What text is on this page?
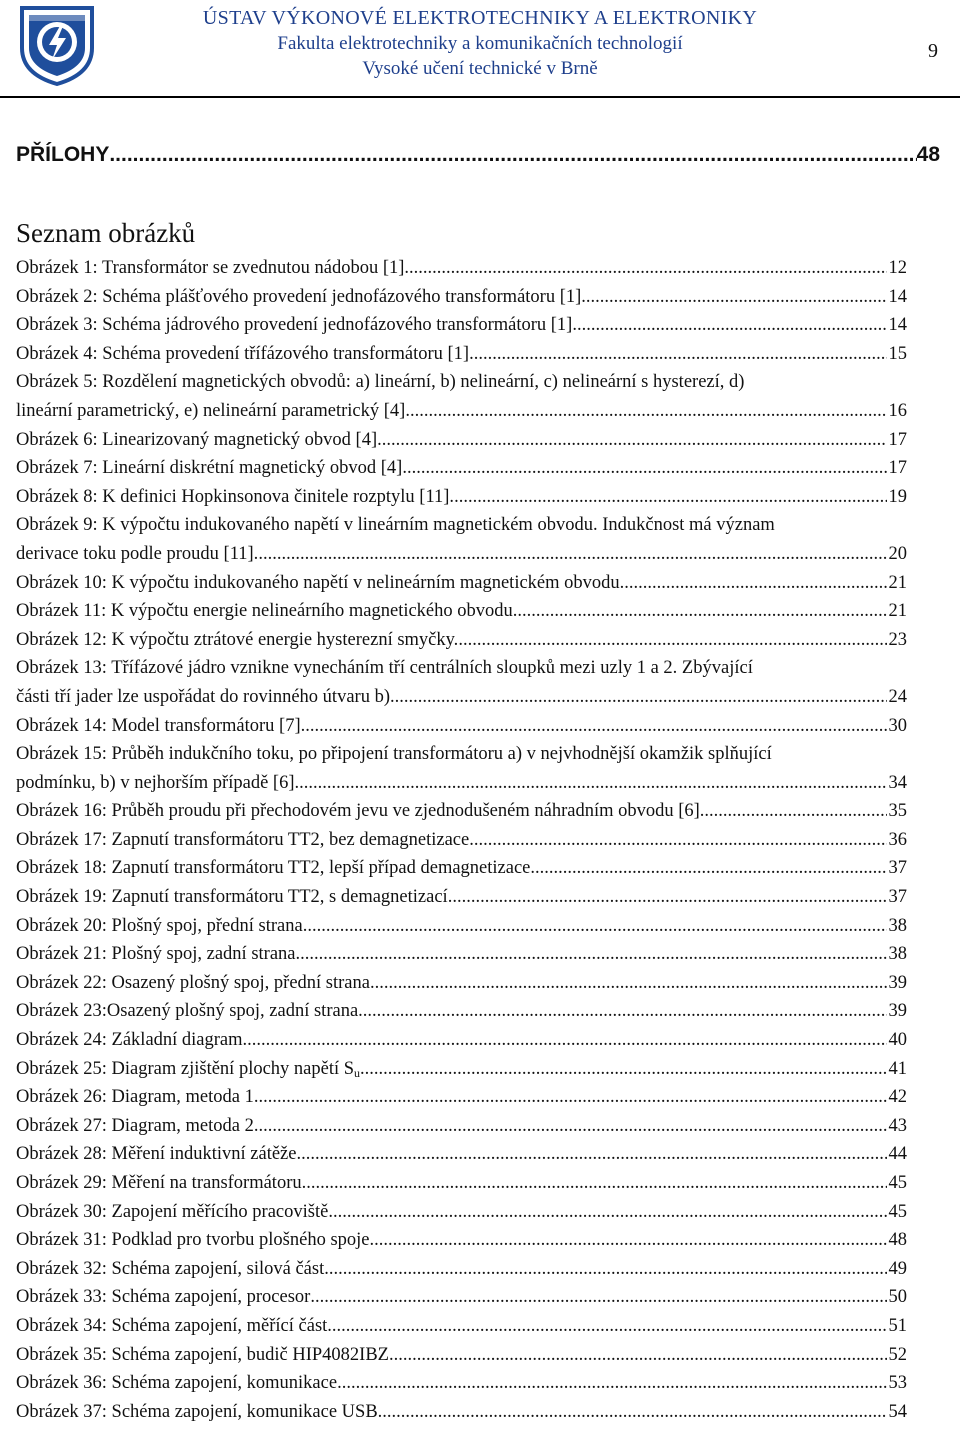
ÚSTAV VÝKONOVÉ ELEKTROTECHNIKY A ELEKTRONIKY
Fakulta elektrotechniky a komunikačních technologií
Vysoké učení technické v Brně
9
PŘÍLOHY .....	48
Seznam obrázků
Obrázek 1: Transformátor se zvednutou nádobou [1]. .....	12
Obrázek 2: Schéma plášťového provedení jednofázového transformátoru [1]. .....	14
Obrázek 3: Schéma jádrového provedení jednofázového transformátoru [1]. .....	14
Obrázek 4: Schéma provedení třífázového transformátoru [1]. .....	15
Obrázek 5: Rozdělení magnetických obvodů: a) lineární, b) nelineární, c) nelineární s hysterezí, d)
lineární parametrický, e) nelineární parametrický [4]. .....	16
Obrázek 6: Linearizovaný magnetický obvod [4]. .....	17
Obrázek 7: Lineární diskrétní magnetický obvod [4]. .....	17
Obrázek 8: K definici Hopkinsonova činitele rozptylu [11]. .....	19
Obrázek 9: K výpočtu indukovaného napětí v lineárním magnetickém obvodu. Indukčnost má význam
derivace toku podle proudu [11]. .....	20
Obrázek 10: K výpočtu indukovaného napětí v nelineárním magnetickém obvodu. .....	21
Obrázek 11: K výpočtu energie nelineárního magnetického obvodu. .....	21
Obrázek 12: K výpočtu ztrátové energie hysterezní smyčky. .....	23
Obrázek 13: Třífázové jádro vznikne vynecháním tří centrálních sloupků mezi uzly 1 a 2. Zbývající
části tří jader lze uspořádat do rovinného útvaru b). .....	24
Obrázek 14: Model transformátoru [7] .....	30
Obrázek 15: Průběh indukčního toku, po připojení transformátoru a) v nejvhodnější okamžik splňující
podmínku, b) v nejhorším případě [6]. .....	34
Obrázek 16: Průběh proudu při přechodovém jevu ve zjednodušeném náhradním obvodu [6]. .....	35
Obrázek 17: Zapnutí transformátoru TT2, bez demagnetizace .....	36
Obrázek 18: Zapnutí transformátoru TT2, lepší případ demagnetizace .....	37
Obrázek 19: Zapnutí transformátoru TT2, s demagnetizací .....	37
Obrázek 20: Plošný spoj, přední strana .....	38
Obrázek 21: Plošný spoj, zadní strana. .....	38
Obrázek 22: Osazený plošný spoj, přední strana. .....	39
Obrázek 23:Osazený plošný spoj, zadní strana .....	39
Obrázek 24: Základní diagram .....	40
Obrázek 25: Diagram zjištění plochy napětí $S_u$ .....	41
Obrázek 26: Diagram, metoda 1 .....	42
Obrázek 27: Diagram, metoda 2 .....	43
Obrázek 28: Měření induktivní zátěže .....	44
Obrázek 29: Měření na transformátoru .....	45
Obrázek 30: Zapojení měřícího pracoviště .....	45
Obrázek 31: Podklad pro tvorbu plošného spoje .....	48
Obrázek 32: Schéma zapojení, silová část .....	49
Obrázek 33: Schéma zapojení, procesor .....	50
Obrázek 34: Schéma zapojení, měřící část .....	51
Obrázek 35: Schéma zapojení, budič HIP4082IBZ .....	52
Obrázek 36: Schéma zapojení, komunikace .....	53
Obrázek 37: Schéma zapojení, komunikace USB .....	54
